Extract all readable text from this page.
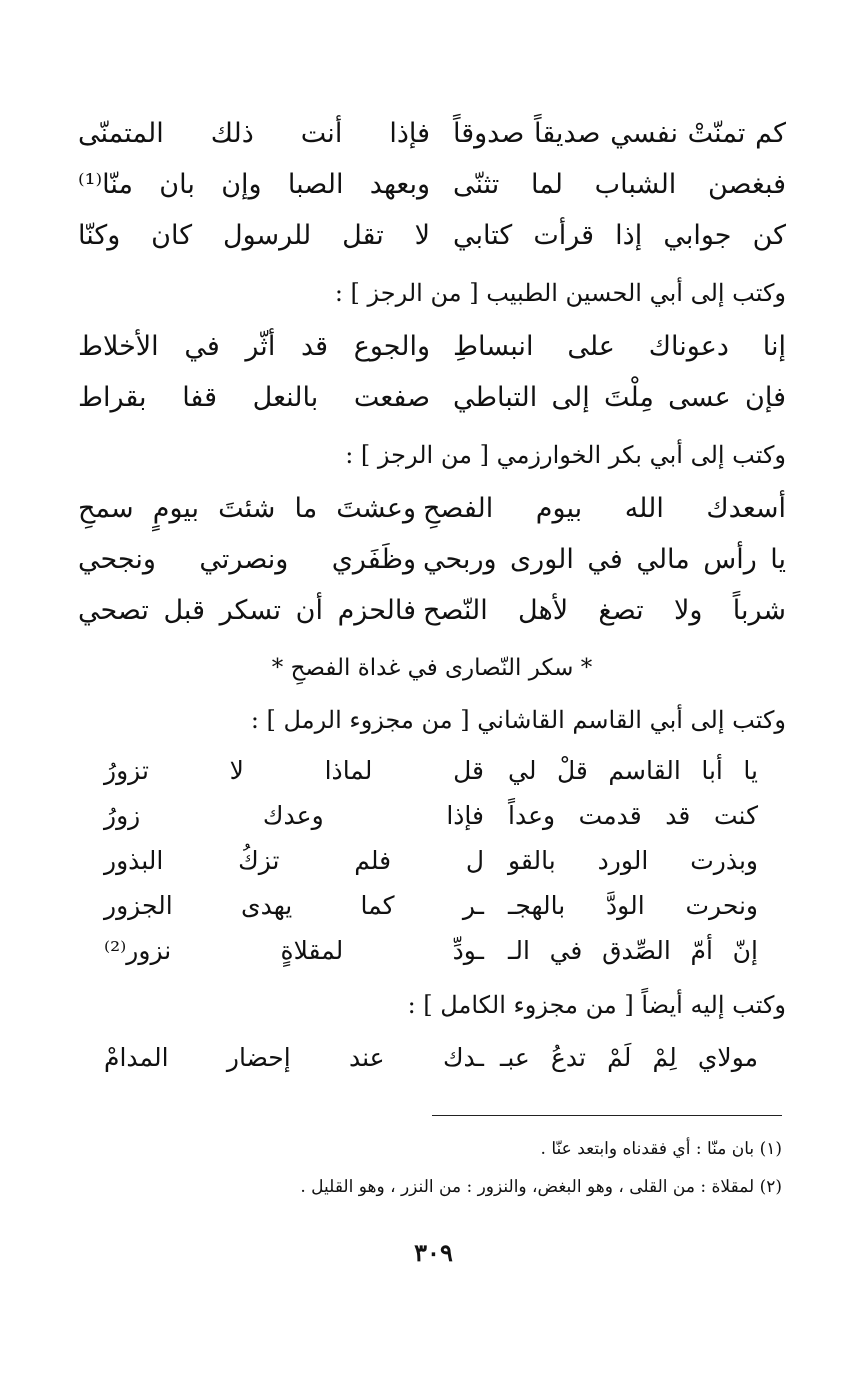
كم تمنّتْ نفسي صديقاً صدوقاً
فإذا أنت ذلك المتمنّى
فبغصن الشباب لما تثنّى
وبعهد الصبا وإن بان منّا⁽¹⁾
كن جوابي إذا قرأت كتابي
لا تقل للرسول كان وكنّا
وكتب إلى أبي الحسين الطبيب [ من الرجز ] :
إنا دعوناك على انبساطِ
والجوع قد أثّر في الأخلاط
فإن عسى مِلْتَ إلى التباطي
صفعت بالنعل قفا بقراط
وكتب إلى أبي بكر الخوارزمي [ من الرجز ] :
أسعدك الله بيوم الفصحِ
وعشتَ ما شئتَ بيومٍ سمحِ
يا رأس مالي في الورى وربحي
وظَفَري ونصرتي ونجحي
شرباً ولا تصغ لأهل النّصح
فالحزم أن تسكر قبل تصحي
* سكر النّصارى في غداة الفصحِ *
وكتب إلى أبي القاسم القاشاني [ من مجزوء الرمل ] :
يا أبا القاسم قلْ لي
قل لماذا لا تزورُ
كنت قد قدمت وعداً
فإذا وعدك زورُ
وبذرت الورد بالقو
ل فلم تزكُ البذور
ونحرت الودَّ بالهجـ
ـر كما يهدى الجزور
إنّ أمّ الصِّدق في الـ
ـودِّ لمقلاةٍ نزور⁽²⁾
وكتب إليه أيضاً [ من مجزوء الكامل ] :
مولاي لِمْ لَمْ تدعُ عبـ
ـدك عند إحضار المدامْ
(١) بان منّا : أي فقدناه وابتعد عنّا .
(٢) لمقلاة : من القلى ، وهو البغض، والنزور : من النزر ، وهو القليل .
٣٠٩
